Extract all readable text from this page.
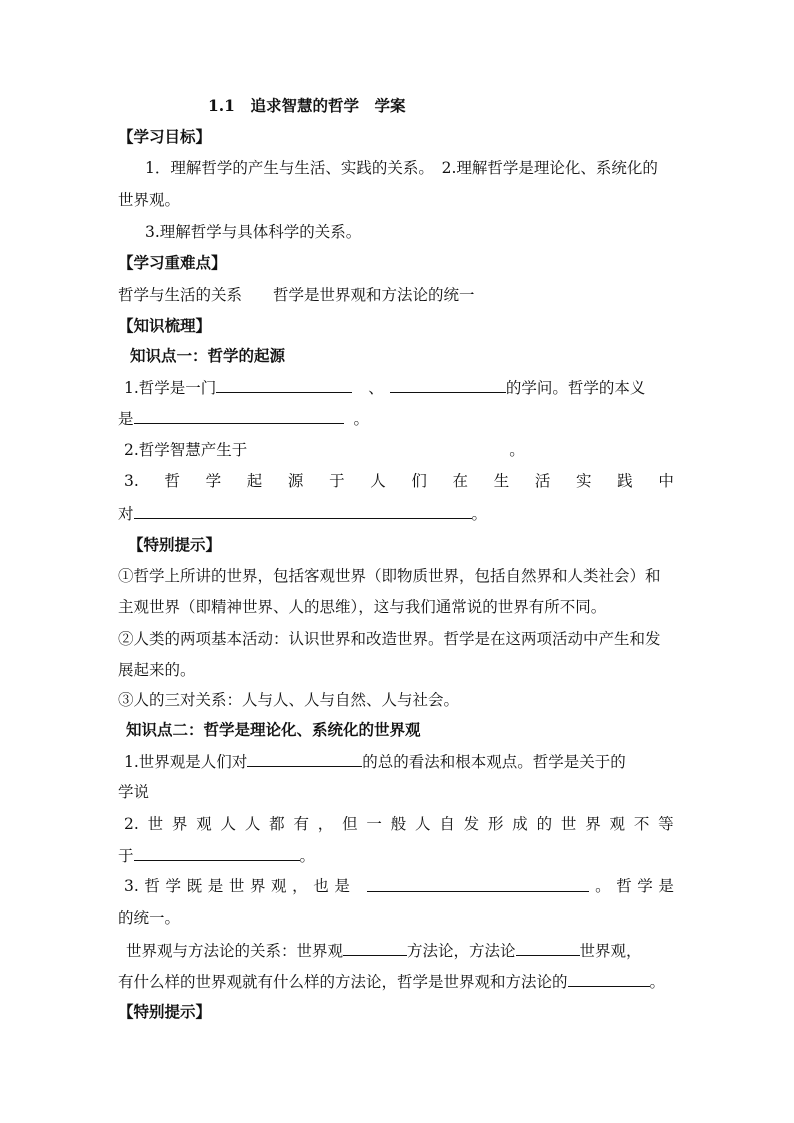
1.1　追求智慧的哲学　学案
【学习目标】
1．理解哲学的产生与生活、实践的关系。　2.理解哲学是理论化、系统化的
世界观。
3.理解哲学与具体科学的关系。
【学习重难点】
哲学与生活的关系　　哲学是世界观和方法论的统一
【知识梳理】
知识点一：哲学的起源
1.哲学是一门	、	的学问。哲学的本义
是	。
2.哲学智慧产生于	。
3. 哲 学 起 源 于 人 们 在 生 活 实 践 中
对	。
【特别提示】
①哲学上所讲的世界，包括客观世界（即物质世界，包括自然界和人类社会）和
主观世界（即精神世界、人的思维），这与我们通常说的世界有所不同。
②人类的两项基本活动：认识世界和改造世界。哲学是在这两项活动中产生和发
展起来的。
③人的三对关系：人与人、人与自然、人与社会。
知识点二：哲学是理论化、系统化的世界观
1.世界观是人们对	的总的看法和根本观点。哲学是关于的
学说
2. 世 界 观 人 人 都 有 ， 但 一 般 人 自 发 形 成 的 世 界 观 不 等
于	。
3. 哲 学 既 是 世 界 观 ， 也 是	。 哲 学 是
的统一。
世界观与方法论的关系：世界观	方法论，方法论	世界观，
有什么样的世界观就有什么样的方法论，哲学是世界观和方法论的	。
【特别提示】
